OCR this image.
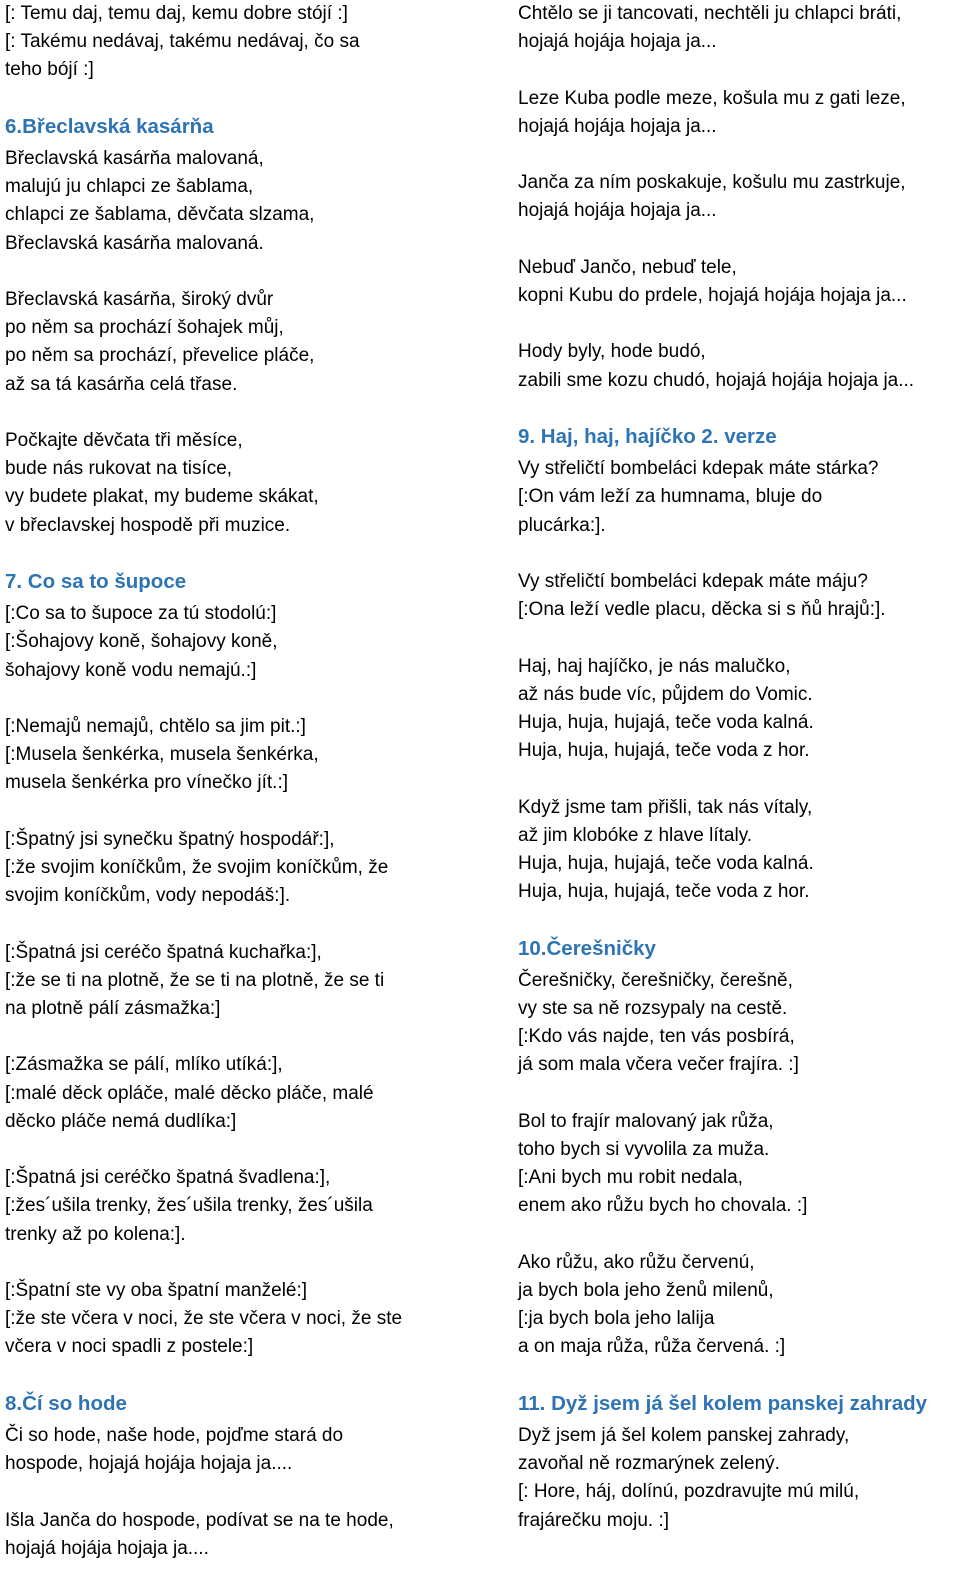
[: Temu daj, temu daj, kemu dobre stójí :]
[: Takému nedávaj, takému nedávaj, čo sa
teho bójí :]
6.Břeclavská kasárňa
Břeclavská kasárňa malovaná,
malujú ju chlapci ze šablama,
chlapci ze šablama, děvčata slzama,
Břeclavská kasárňa malovaná.
Břeclavská kasárňa, široký dvůr
po něm sa prochází šohajek můj,
po něm sa prochází, převelice pláče,
až sa tá kasárňa celá třase.
Počkajte děvčata tři měsíce,
bude nás rukovat na tisíce,
vy budete plakat, my budeme skákat,
v břeclavskej hospodě při muzice.
7. Co sa to šupoce
[:Co sa to šupoce za tú stodolú:]
[:Šohajovy koně, šohajovy koně,
šohajovy koně vodu nemajú.:]
[:Nemajů nemajů, chtělo sa jim pit.:]
[:Musela šenkérka, musela šenkérka,
musela šenkérka pro vínečko jít.:]
[:Špatný jsi synečku špatný hospodář:],
[:že svojim koníčkům, že svojim koníčkům, že
svojim koníčkům, vody nepodáš:].
[:Špatná jsi ceréčo špatná kuchařka:],
[:že se ti na plotně, že se ti na plotně, že se ti
na plotně pálí zásmažka:]
[:Zásmažka se pálí, mlíko utíká:],
[:malé děck opláče, malé děcko pláče, malé
děcko pláče nemá dudlíka:]
[:Špatná jsi ceréčko špatná švadlena:],
[:žes´ušila trenky, žes´ušila trenky, žes´ušila
trenky až po kolena:].
[:Špatní ste vy oba špatní manželé:]
[:že ste včera v noci, že ste včera v noci, že ste
včera v noci spadli z postele:]
8.Čí so hode
Či so hode, naše hode, pojďme stará do
hospode, hojajá hojája hojaja ja....
Išla Janča do hospode, podívat se na te hode,
hojajá hojája hojaja ja....
Chtělo se ji tancovati, nechtěli ju chlapci bráti,
hojajá hojája hojaja ja...
Leze Kuba podle meze, košula mu z gati leze,
hojajá hojája hojaja ja...
Janča za ním poskakuje, košulu mu zastrkuje,
hojajá hojája hojaja ja...
Nebuď Jančo, nebuď tele,
kopni Kubu do prdele, hojajá hojája hojaja ja...
Hody byly, hode budó,
zabili sme kozu chudó, hojajá hojája hojaja ja...
9. Haj, haj, hajíčko 2. verze
Vy střeličtí bombeláci kdepak máte stárka?
[:On vám leží za humnama, bluje do
plucárka:].
Vy střeličtí bombeláci kdepak máte máju?
[:Ona leží vedle placu, děcka si s ňů hrajů:].
Haj, haj hajíčko, je nás malučko,
až nás bude víc, půjdem do Vomic.
Huja, huja, hujajá, teče voda kalná.
Huja, huja, hujajá, teče voda z hor.
Když jsme tam přišli, tak nás vítaly,
až jim klobóke z hlave lítaly.
Huja, huja, hujajá, teče voda kalná.
Huja, huja, hujajá, teče voda z hor.
10.Čerešničky
Čerešničky, čerešničky, čerešně,
vy ste sa ně rozsypaly na cestě.
[:Kdo vás najde, ten vás posbírá,
já som mala včera večer frajíra. :]
Bol to frajír malovaný jak růža,
toho bych si vyvolila za muža.
[:Ani bych mu robit nedala,
enem ako růžu bych ho chovala. :]
Ako růžu, ako růžu červenú,
ja bych bola jeho ženů milenů,
[:ja bych bola jeho lalija
a on maja růža, růža červená. :]
11. Dyž jsem já šel kolem panskej zahrady
Dyž jsem já šel kolem panskej zahrady,
zavoňal ně rozmarýnek zelený.
[: Hore, háj, dolínú, pozdravujte mú milú,
frajárečku moju. :]
